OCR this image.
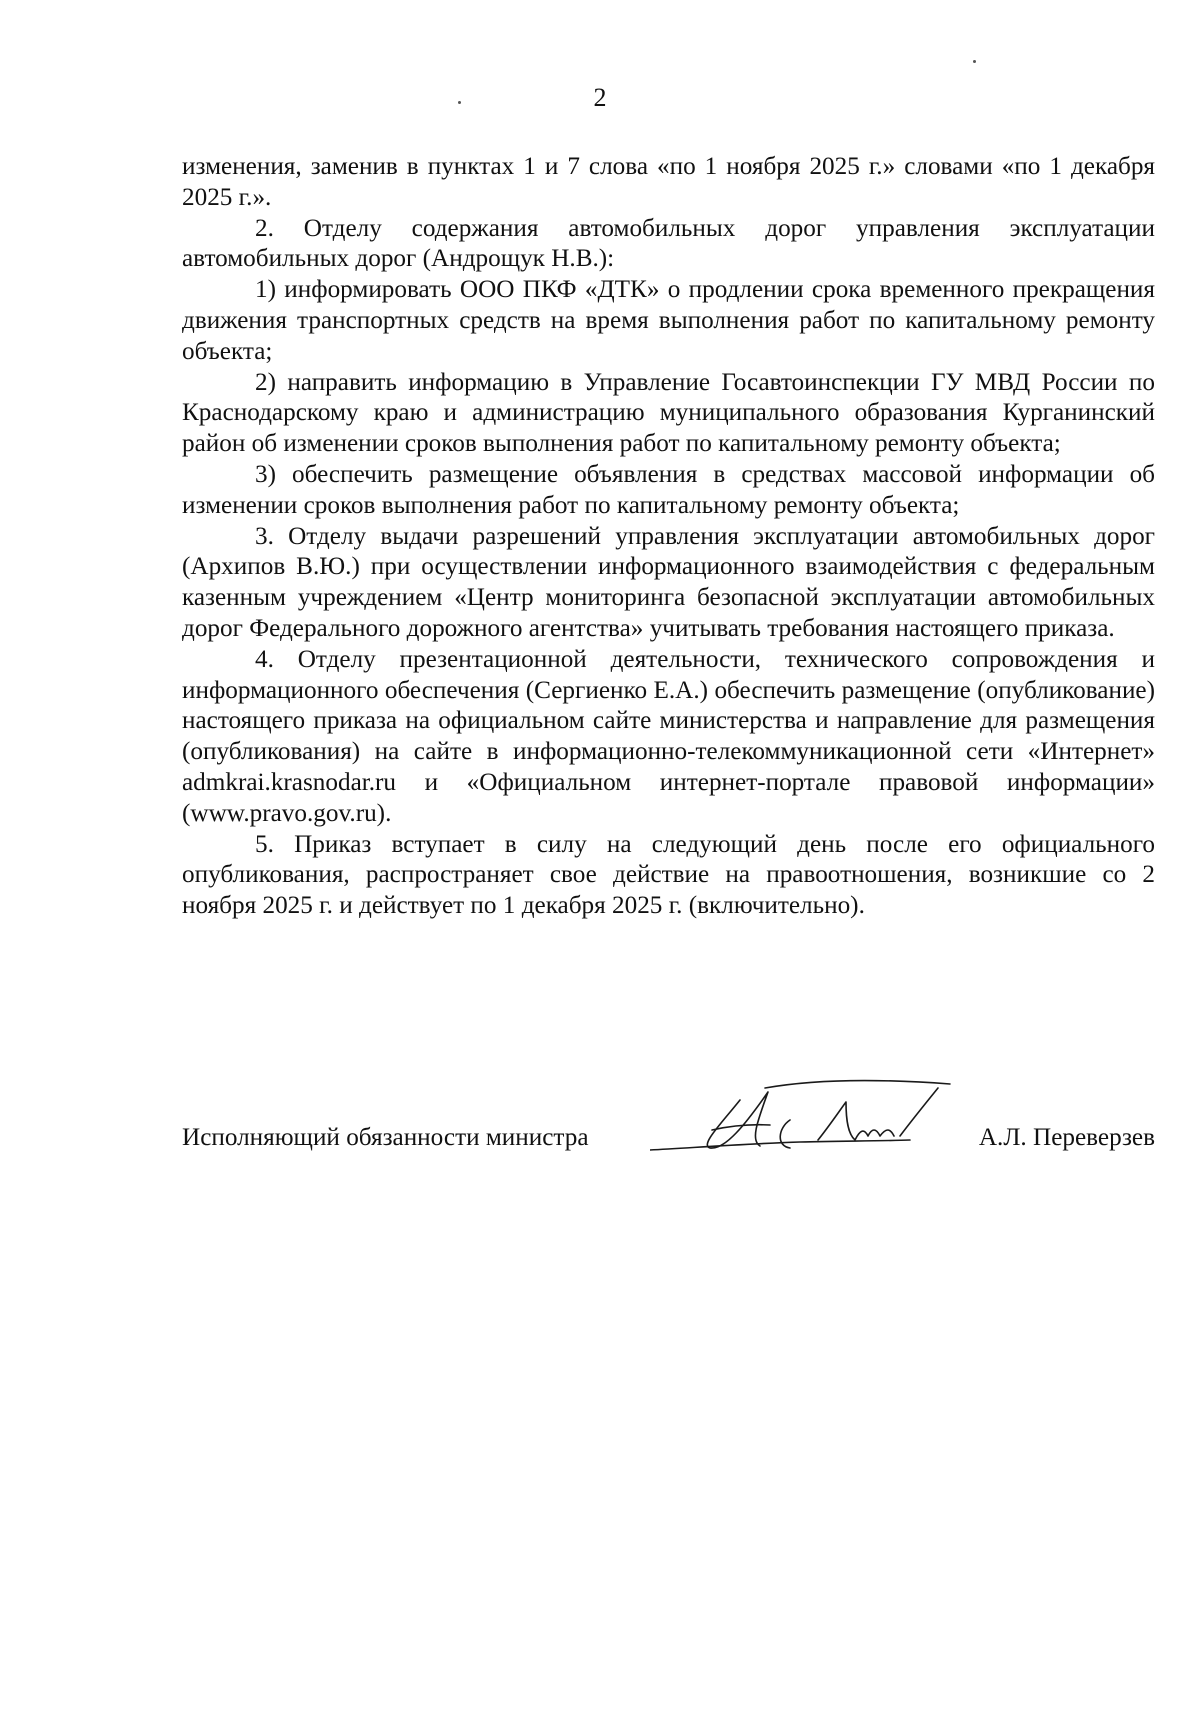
2

изменения, заменив в пунктах 1 и 7 слова «по 1 ноября 2025 г.» словами «по 1 декабря 2025 г.».

2. Отделу содержания автомобильных дорог управления эксплуатации автомобильных дорог (Андрощук Н.В.):

1) информировать ООО ПКФ «ДТК» о продлении срока временного прекращения движения транспортных средств на время выполнения работ по капитальному ремонту объекта;

2) направить информацию в Управление Госавтоинспекции ГУ МВД России по Краснодарскому краю и администрацию муниципального образования Курганинский район об изменении сроков выполнения работ по капитальному ремонту объекта;

3) обеспечить размещение объявления в средствах массовой информации об изменении сроков выполнения работ по капитальному ремонту объекта;

3. Отделу выдачи разрешений управления эксплуатации автомобильных дорог (Архипов В.Ю.) при осуществлении информационного взаимодействия с федеральным казенным учреждением «Центр мониторинга безопасной эксплуатации автомобильных дорог Федерального дорожного агентства» учитывать требования настоящего приказа.

4. Отделу презентационной деятельности, технического сопровождения и информационного обеспечения (Сергиенко Е.А.) обеспечить размещение (опубликование) настоящего приказа на официальном сайте министерства и направление для размещения (опубликования) на сайте в информационно-телекоммуникационной сети «Интернет» admkrai.krasnodar.ru и «Официальном интернет-портале правовой информации» (www.pravo.gov.ru).

5. Приказ вступает в силу на следующий день после его официального опубликования, распространяет свое действие на правоотношения, возникшие со 2 ноября 2025 г. и действует по 1 декабря 2025 г. (включительно).

Исполняющий обязанности министра	А.Л. Переверзев
